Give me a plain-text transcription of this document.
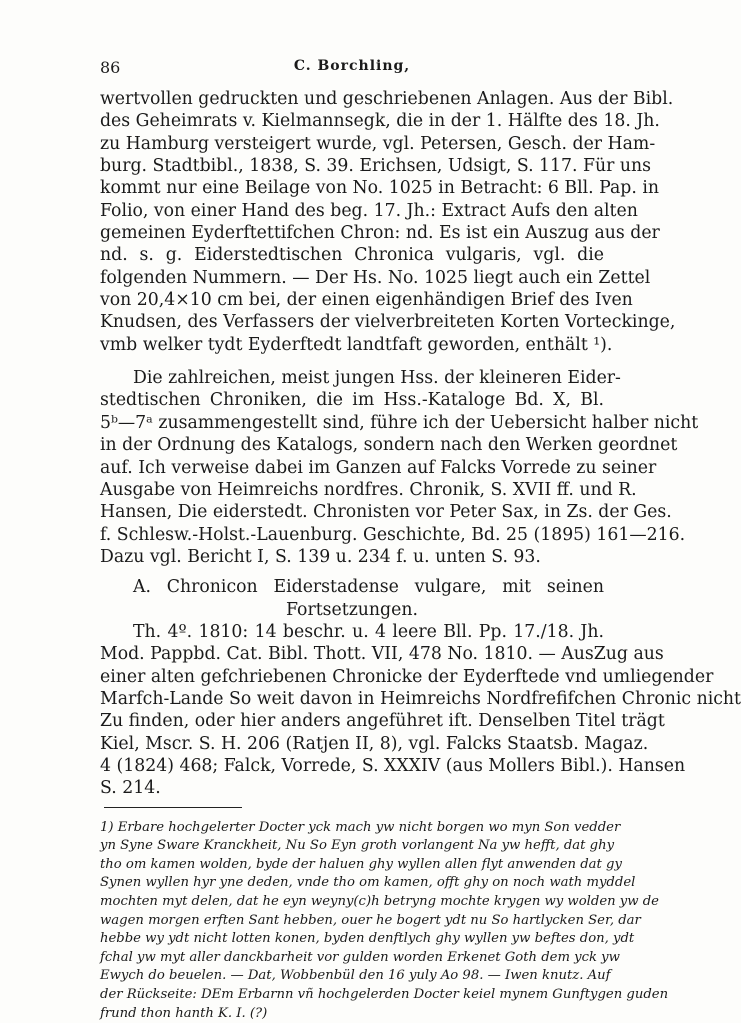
86	C. Borchling,
wertvollen gedruckten und geschriebenen Anlagen. Aus der Bibl.
des Geheimrats v. Kielmannsegk, die in der 1. Hälfte des 18. Jh.
zu Hamburg versteigert wurde, vgl. Petersen, Gesch. der Ham-
burg. Stadtbibl., 1838, S. 39. Erichsen, Udsigt, S. 117. Für uns
kommt nur eine Beilage von No. 1025 in Betracht: 6 Bll. Pap. in
Folio, von einer Hand des beg. 17. Jh.: Extract Aufs den alten
gemeinen Eyderftettifchen Chron: nd. Es ist ein Auszug aus der
nd. s. g. Eiderstedtischen Chronica vulgaris, vgl. die
folgenden Nummern. — Der Hs. No. 1025 liegt auch ein Zettel
von 20,4×10 cm bei, der einen eigenhändigen Brief des Iven
Knudsen, des Verfassers der vielverbreiteten Korten Vorteckinge,
vmb welker tydt Eyderftedt landtfaft geworden, enthält ¹).
Die zahlreichen, meist jungen Hss. der kleineren Eider-
stedtischen Chroniken, die im Hss.-Kataloge Bd. X, Bl.
5ᵇ—7ᵃ zusammengestellt sind, führe ich der Uebersicht halber nicht
in der Ordnung des Katalogs, sondern nach den Werken geordnet
auf. Ich verweise dabei im Ganzen auf Falcks Vorrede zu seiner
Ausgabe von Heimreichs nordfres. Chronik, S. XVII ff. und R.
Hansen, Die eiderstedt. Chronisten vor Peter Sax, in Zs. der Ges.
f. Schlesw.-Holst.-Lauenburg. Geschichte, Bd. 25 (1895) 161—216.
Dazu vgl. Bericht I, S. 139 u. 234 f. u. unten S. 93.
A. Chronicon Eiderstadense vulgare, mit seinen
Fortsetzungen.
Th. 4º. 1810: 14 beschr. u. 4 leere Bll. Pp. 17./18. Jh.
Mod. Pappbd. Cat. Bibl. Thott. VII, 478 No. 1810. — AusZug aus
einer alten gefchriebenen Chronicke der Eyderftede vnd umliegender
Marfch-Lande So weit davon in Heimreichs Nordfrefifchen Chronic nicht
Zu finden, oder hier anders angeführet ift. Denselben Titel trägt
Kiel, Mscr. S. H. 206 (Ratjen II, 8), vgl. Falcks Staatsb. Magaz.
4 (1824) 468; Falck, Vorrede, S. XXXIV (aus Mollers Bibl.). Hansen
S. 214.
1) Erbare hochgelerter Docter yck mach yw nicht borgen wo myn Son vedder
yn Syne Sware Kranckheit, Nu So Eyn groth vorlangent Na yw hefft, dat ghy
tho om kamen wolden, byde der haluen ghy wyllen allen flyt anwenden dat gy
Synen wyllen hyr yne deden, vnde tho om kamen, offt ghy on noch wath myddel
mochten myt delen, dat he eyn weyny(c)h betryng mochte krygen wy wolden yw de
wagen morgen erften Sant hebben, ouer he bogert ydt nu So hartlycken Ser, dar
hebbe wy ydt nicht lotten konen, byden denftlych ghy wyllen yw beftes don, ydt
fchal yw myt aller danckbarheit vor gulden worden Erkenet Goth dem yck yw
Ewych do beuelen. — Dat, Wobbenbül den 16 yuly Ao 98. — Iwen knutz. Auf
der Rückseite: DEm Erbarnn vñ hochgelerden Docter keiel mynem Gunftygen guden
frund thon hanth K. I. (?)
